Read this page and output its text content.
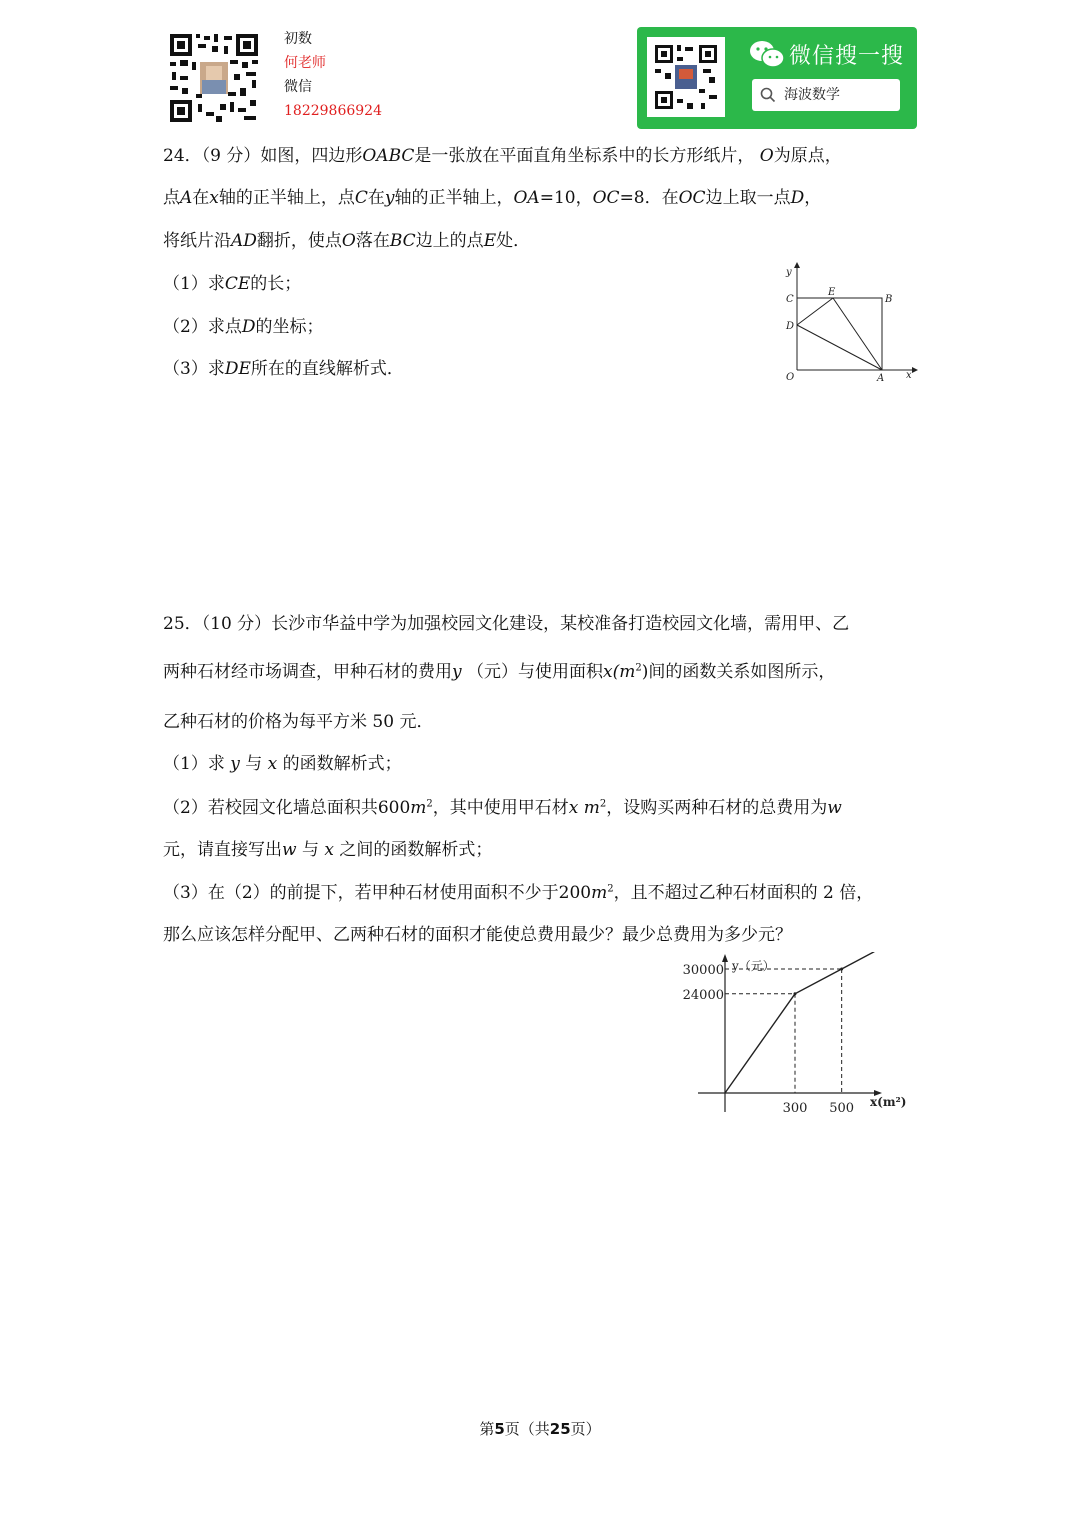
初数
何老师
微信
18229866924
微信搜一搜
海波数学
24．（9 分）如图，四边形OABC是一张放在平面直角坐标系中的长方形纸片， O为原点，
点A在x轴的正半轴上，点C在y轴的正半轴上，OA=10，OC=8．在OC边上取一点D，
将纸片沿AD翻折，使点O落在BC边上的点E处．
（1）求CE的长；
（2）求点D的坐标；
（3）求DE所在的直线解析式．
y
x
O	A
B
C
D
E
25．（10 分）长沙市华益中学为加强校园文化建设，某校准备打造校园文化墙，需用甲、乙
两种石材经市场调查，甲种石材的费用y （元）与使用面积$x(m^2)$间的函数关系如图所示，
乙种石材的价格为每平方米 50 元．
（1）求 y 与 x 的函数解析式；
（2）若校园文化墙总面积共$600m^2$，其中使用甲石材x $m^2$，设购买两种石材的总费用为w
元，请直接写出w 与 x 之间的函数解析式；
（3）在（2）的前提下，若甲种石材使用面积不少于$200m^2$，且不超过乙种石材面积的 2 倍，
那么应该怎样分配甲、乙两种石材的面积才能使总费用最少？最少总费用为多少元？
300 500
24000
30000 y（元）
x(m²)
第5页（共25页）
